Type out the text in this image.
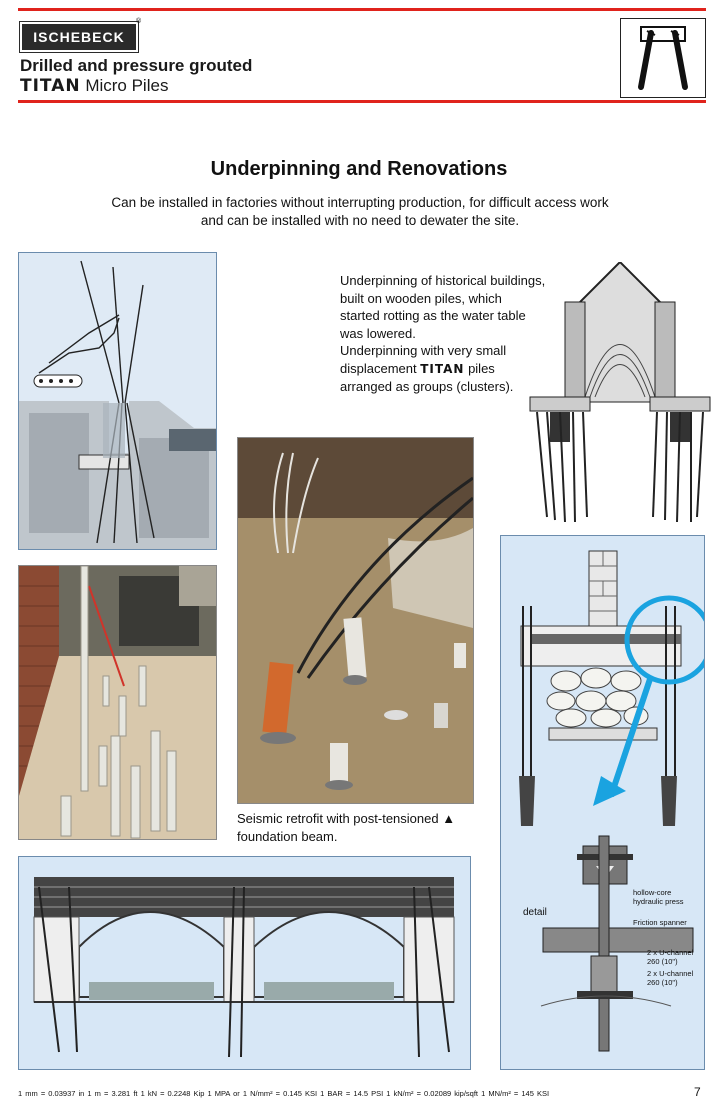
ISCHEBECK
®
Drilled and pressure grouted
TITAN Micro Piles
Underpinning and Renovations
Can be installed in factories without interrupting production, for difficult access work
and can be installed with no need to dewater the site.
Underpinning of historical buildings,
built on wooden piles, which
started rotting as the water table
was lowered.
Underpinning with very small
displacement TITAN piles
arranged as groups (clusters).
Seismic retrofit with post-tensioned ▲
foundation beam.
detail
hollow-core
hydraulic press
Friction spanner
2 x U-channel
260 (10")
2 x U-channel
260 (10")
1 mm = 0.03937 in 1 m = 3.281 ft 1 kN = 0.2248 Kip 1 MPA or 1 N/mm² = 0.145 KSI 1 BAR = 14.5 PSI 1 kN/m² = 0.02089 kip/sqft 1 MN/m² = 145 KSI	7
